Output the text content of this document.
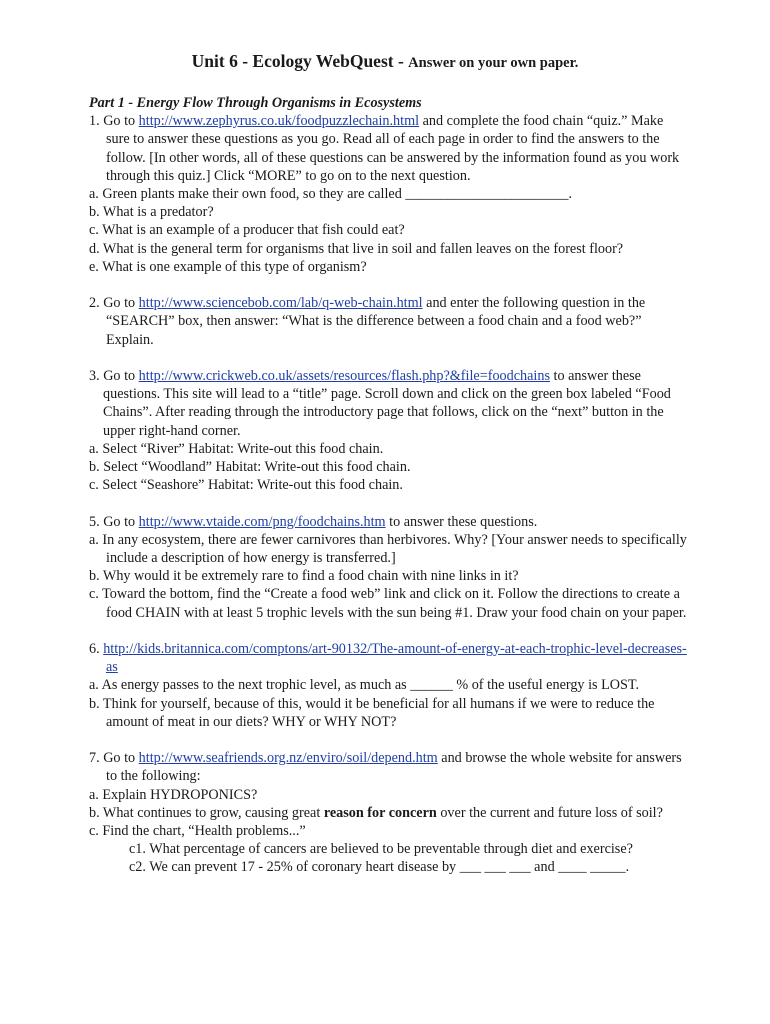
Unit 6 - Ecology WebQuest - Answer on your own paper.

Part 1 - Energy Flow Through Organisms in Ecosystems

1. Go to http://www.zephyrus.co.uk/foodpuzzlechain.html and complete the food chain “quiz.” Make sure to answer these questions as you go. Read all of each page in order to find the answers to the follow. [In other words, all of these questions can be answered by the information found as you work through this quiz.] Click “MORE” to go on to the next question.

a. Green plants make their own food, so they are called _______________________.

b. What is a predator?

c. What is an example of a producer that fish could eat?

d. What is the general term for organisms that live in soil and fallen leaves on the forest floor?

e. What is one example of this type of organism?

2. Go to http://www.sciencebob.com/lab/q-web-chain.html and enter the following question in the “SEARCH” box, then answer: “What is the difference between a food chain and a food web?” Explain.

3. Go to http://www.crickweb.co.uk/assets/resources/flash.php?&file=foodchains to answer these questions. This site will lead to a “title” page. Scroll down and click on the green box labeled “Food Chains”. After reading through the introductory page that follows, click on the “next” button in the upper right-hand corner.

a. Select “River” Habitat: Write-out this food chain.

b. Select “Woodland” Habitat: Write-out this food chain.

c. Select “Seashore” Habitat: Write-out this food chain.

5. Go to http://www.vtaide.com/png/foodchains.htm to answer these questions.

a. In any ecosystem, there are fewer carnivores than herbivores. Why? [Your answer needs to specifically include a description of how energy is transferred.]

b. Why would it be extremely rare to find a food chain with nine links in it?

c. Toward the bottom, find the “Create a food web” link and click on it. Follow the directions to create a food CHAIN with at least 5 trophic levels with the sun being #1. Draw your food chain on your paper.

6. http://kids.britannica.com/comptons/art-90132/The-amount-of-energy-at-each-trophic-level-decreases-as

a. As energy passes to the next trophic level, as much as ______ % of the useful energy is LOST.

b. Think for yourself, because of this, would it be beneficial for all humans if we were to reduce the amount of meat in our diets? WHY or WHY NOT?

7. Go to http://www.seafriends.org.nz/enviro/soil/depend.htm and browse the whole website for answers to the following:

a. Explain HYDROPONICS?

b. What continues to grow, causing great reason for concern over the current and future loss of soil?

c. Find the chart, “Health problems...”

c1. What percentage of cancers are believed to be preventable through diet and exercise?

c2. We can prevent 17 - 25% of coronary heart disease by ___ ___ ___ and ____ _____.
